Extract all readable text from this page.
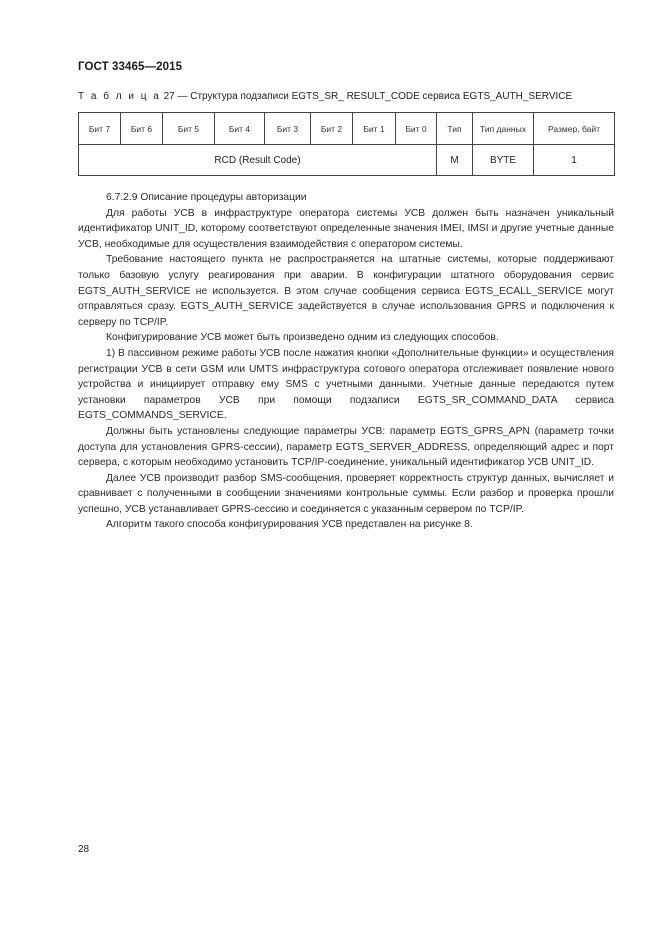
ГОСТ 33465—2015
Т а б л и ц а 27 — Структура подзаписи EGTS_SR_ RESULT_CODE сервиса EGTS_AUTH_SERVICE
Бит 7	Бит 6	Бит 5	Бит 4	Бит 3	Бит 2	Бит 1	Бит 0	Тип	Тип данных	Размер, байт
RCD (Result Code)								M	BYTE	1

6.7.2.9 Описание процедуры авторизации

Для работы УСВ в инфраструктуре оператора системы УСВ должен быть назначен уникальный идентификатор UNIT_ID, которому соответствуют определенные значения IMEI, IMSI и другие учетные данные УСВ, необходимые для осуществления взаимодействия с оператором системы.

Требование настоящего пункта не распространяется на штатные системы, которые поддерживают только базовую услугу реагирования при аварии. В конфигурации штатного оборудования сервис EGTS_AUTH_SERVICE не используется. В этом случае сообщения сервиса EGTS_ECALL_SERVICE могут отправляться сразу. EGTS_AUTH_SERVICE задействуется в случае использования GPRS и подключения к серверу по TCP/IP.

Конфигурирование УСВ может быть произведено одним из следующих способов.

1) В пассивном режиме работы УСВ после нажатия кнопки «Дополнительные функции» и осуществления регистрации УСВ в сети GSM или UMTS инфраструктура сотового оператора отслеживает появление нового устройства и инициирует отправку ему SMS с учетными данными. Учетные данные передаются путем установки параметров УСВ при помощи подзаписи EGTS_SR_COMMAND_DATA сервиса EGTS_COMMANDS_SERVICE.

Должны быть установлены следующие параметры УСВ: параметр EGTS_GPRS_APN (параметр точки доступа для установления GPRS-сессии), параметр EGTS_SERVER_ADDRESS, определяющий адрес и порт сервера, с которым необходимо установить TCP/IP-соединение, уникальный идентификатор УСВ UNIT_ID.

Далее УСВ производит разбор SMS-сообщения, проверяет корректность структур данных, вычисляет и сравнивает с полученными в сообщении значениями контрольные суммы. Если разбор и проверка прошли успешно, УСВ устанавливает GPRS-сессию и соединяется с указанным сервером по TCP/IP.

Алгоритм такого способа конфигурирования УСВ представлен на рисунке 8.

28
